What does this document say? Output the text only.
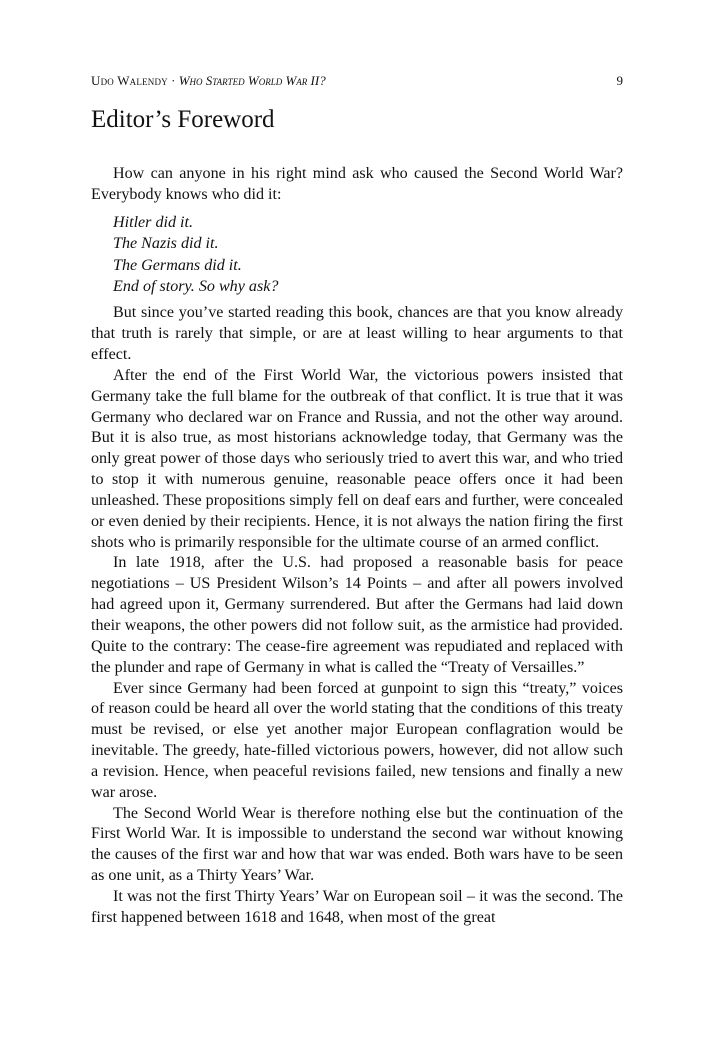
Udo Walendy · Who Started World War II?	9
Editor’s Foreword

How can anyone in his right mind ask who caused the Second World War? Everybody knows who did it:

Hitler did it.
The Nazis did it.
The Germans did it.
End of story. So why ask?

But since you’ve started reading this book, chances are that you know already that truth is rarely that simple, or are at least willing to hear arguments to that effect.

After the end of the First World War, the victorious powers insisted that Germany take the full blame for the outbreak of that conflict. It is true that it was Germany who declared war on France and Russia, and not the other way around. But it is also true, as most historians acknowledge today, that Germany was the only great power of those days who seriously tried to avert this war, and who tried to stop it with numerous genuine, reasonable peace offers once it had been unleashed. These propositions simply fell on deaf ears and further, were concealed or even denied by their recipients. Hence, it is not always the nation firing the first shots who is primarily responsible for the ultimate course of an armed conflict.

In late 1918, after the U.S. had proposed a reasonable basis for peace negotiations – US President Wilson’s 14 Points – and after all powers involved had agreed upon it, Germany surrendered. But after the Germans had laid down their weapons, the other powers did not follow suit, as the armistice had provided. Quite to the contrary: The cease-fire agreement was repudiated and replaced with the plunder and rape of Germany in what is called the “Treaty of Versailles.”

Ever since Germany had been forced at gunpoint to sign this “treaty,” voices of reason could be heard all over the world stating that the conditions of this treaty must be revised, or else yet another major European conflagration would be inevitable. The greedy, hate-filled victorious powers, however, did not allow such a revision. Hence, when peaceful revisions failed, new tensions and finally a new war arose.

The Second World Wear is therefore nothing else but the continuation of the First World War. It is impossible to understand the second war without knowing the causes of the first war and how that war was ended. Both wars have to be seen as one unit, as a Thirty Years’ War.

It was not the first Thirty Years’ War on European soil – it was the second. The first happened between 1618 and 1648, when most of the great
